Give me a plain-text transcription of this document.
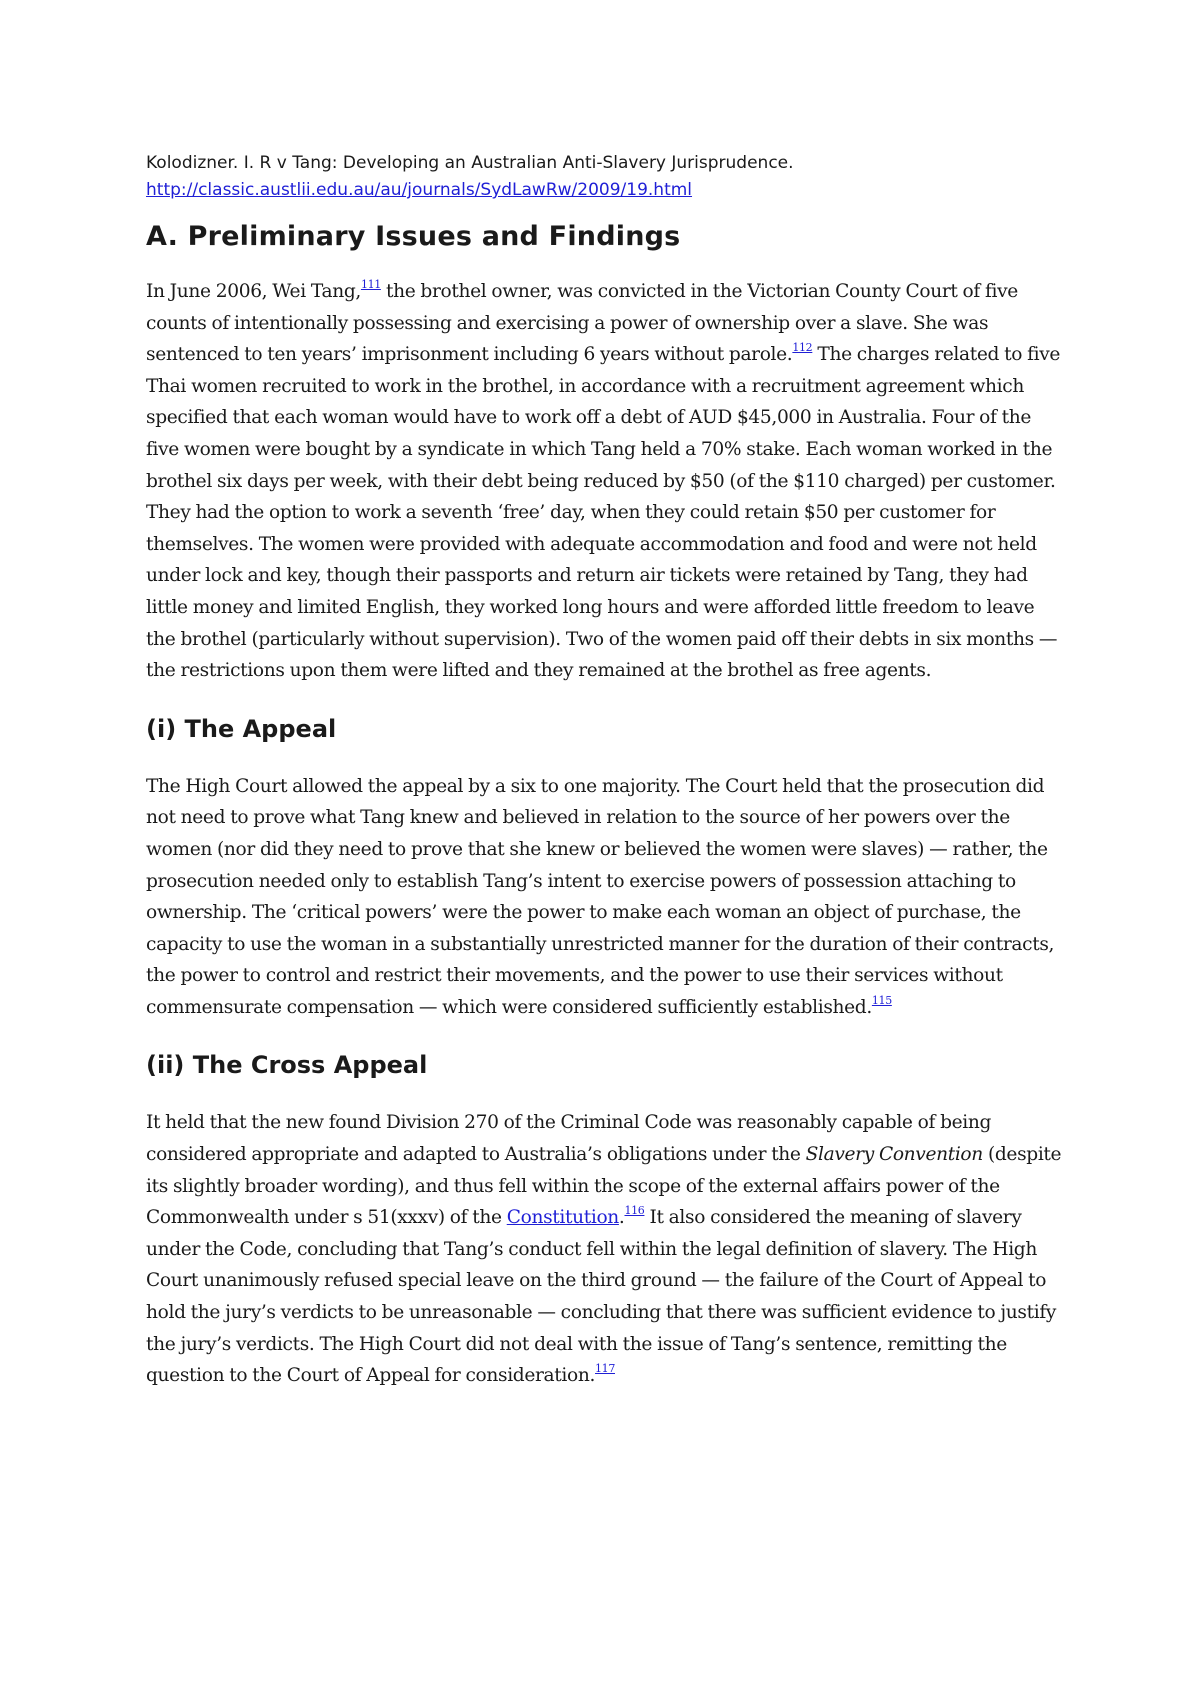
Kolodizner. I. R v Tang: Developing an Australian Anti-Slavery Jurisprudence.
http://classic.austlii.edu.au/au/journals/SydLawRw/2009/19.html

A. Preliminary Issues and Findings

In June 2006, Wei Tang,$^{111}$ the brothel owner, was convicted in the Victorian County Court of five counts of intentionally possessing and exercising a power of ownership over a slave. She was sentenced to ten years’ imprisonment including 6 years without parole.$^{112}$ The charges related to five Thai women recruited to work in the brothel, in accordance with a recruitment agreement which specified that each woman would have to work off a debt of AUD $45,000 in Australia. Four of the five women were bought by a syndicate in which Tang held a 70% stake. Each woman worked in the brothel six days per week, with their debt being reduced by $50 (of the $110 charged) per customer. They had the option to work a seventh ‘free’ day, when they could retain $50 per customer for themselves. The women were provided with adequate accommodation and food and were not held under lock and key, though their passports and return air tickets were retained by Tang, they had little money and limited English, they worked long hours and were afforded little freedom to leave the brothel (particularly without supervision). Two of the women paid off their debts in six months — the restrictions upon them were lifted and they remained at the brothel as free agents.

(i) The Appeal

The High Court allowed the appeal by a six to one majority. The Court held that the prosecution did not need to prove what Tang knew and believed in relation to the source of her powers over the women (nor did they need to prove that she knew or believed the women were slaves) — rather, the prosecution needed only to establish Tang’s intent to exercise powers of possession attaching to ownership. The ‘critical powers’ were the power to make each woman an object of purchase, the capacity to use the woman in a substantially unrestricted manner for the duration of their contracts, the power to control and restrict their movements, and the power to use their services without commensurate compensation — which were considered sufficiently established.$^{115}$

(ii) The Cross Appeal

It held that the new found Division 270 of the Criminal Code was reasonably capable of being considered appropriate and adapted to Australia’s obligations under the Slavery Convention (despite its slightly broader wording), and thus fell within the scope of the external affairs power of the Commonwealth under s 51(xxxv) of the Constitution.$^{116}$ It also considered the meaning of slavery under the Code, concluding that Tang’s conduct fell within the legal definition of slavery. The High Court unanimously refused special leave on the third ground — the failure of the Court of Appeal to hold the jury’s verdicts to be unreasonable — concluding that there was sufficient evidence to justify the jury’s verdicts. The High Court did not deal with the issue of Tang’s sentence, remitting the question to the Court of Appeal for consideration.$^{117}$
